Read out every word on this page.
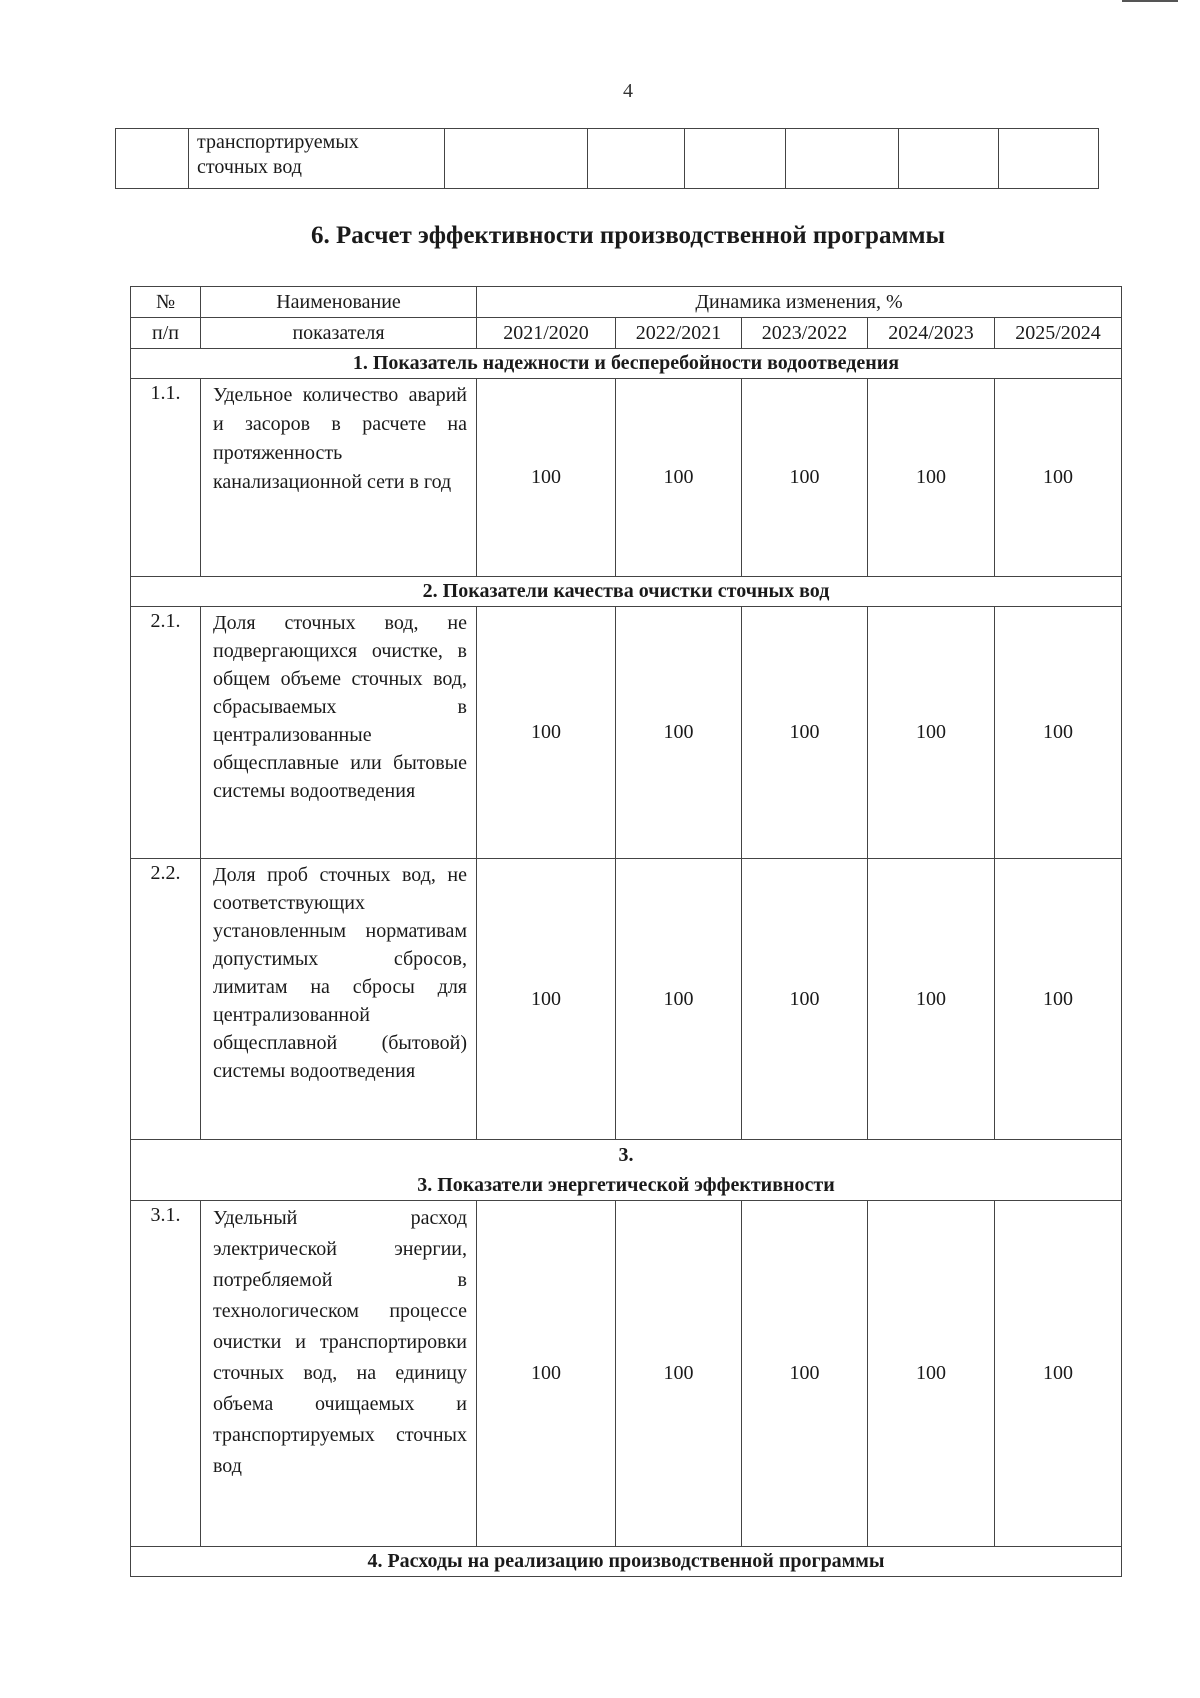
4

транспортируемых
сточных вод

6. Расчет эффективности производственной программы
№	Наименование	Динамика изменения, %				
п/п	показателя	2021/2020	2022/2021	2023/2022	2024/2023	2025/2024
1. Показатель надежности и бесперебойности водоотведения						
1.1.	Удельное количество аварий и засоров в расчете на протяженность канализационной сети в год	100	100	100	100	100
2. Показатели качества очистки сточных вод						
2.1.	Доля сточных вод, не подвергающихся очистке, в общем объеме сточных вод, сбрасываемых в централизованные общесплавные или бытовые системы водоотведения	100	100	100	100	100
2.2.	Доля проб сточных вод, не соответствующих установленным нормативам допустимых сбросов, лимитам на сбросы для централизованной общесплавной (бытовой) системы водоотведения	100	100	100	100	100

3.
3. Показатели энергетической эффективности						

3.1.	Удельный расход электрической энергии, потребляемой в технологическом процессе очистки и транспортировки сточных вод, на единицу объема очищаемых и транспортируемых сточных вод	100	100	100	100	100
4. Расходы на реализацию производственной программы						
